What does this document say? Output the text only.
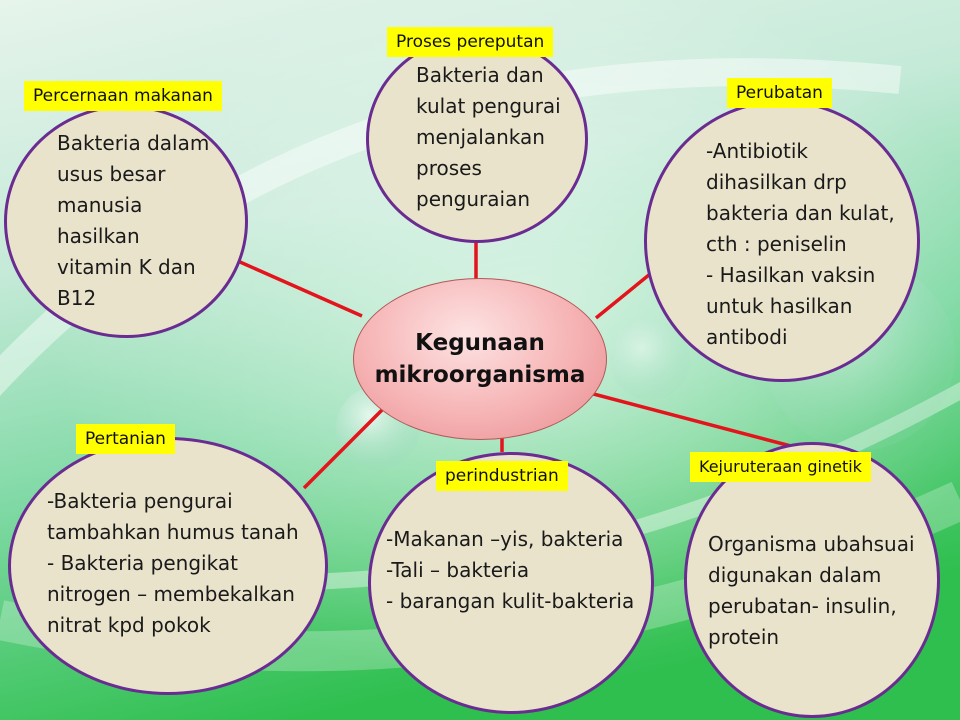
Bakteria dalam
usus besar
manusia
hasilkan
vitamin K dan
B12
Percernaan makanan
Bakteria dan
kulat pengurai
menjalankan
proses
penguraian
Proses pereputan
-Antibiotik
dihasilkan drp
bakteria dan kulat,
cth : peniselin
- Hasilkan vaksin
untuk hasilkan
antibodi
Perubatan
-Bakteria pengurai
tambahkan humus tanah
- Bakteria pengikat
nitrogen – membekalkan
nitrat kpd pokok
Pertanian
-Makanan –yis, bakteria
-Tali – bakteria
- barangan kulit-bakteria
perindustrian
Organisma ubahsuai
digunakan dalam
perubatan- insulin,
protein
Kejuruteraan ginetik
Kegunaan
mikroorganisma
